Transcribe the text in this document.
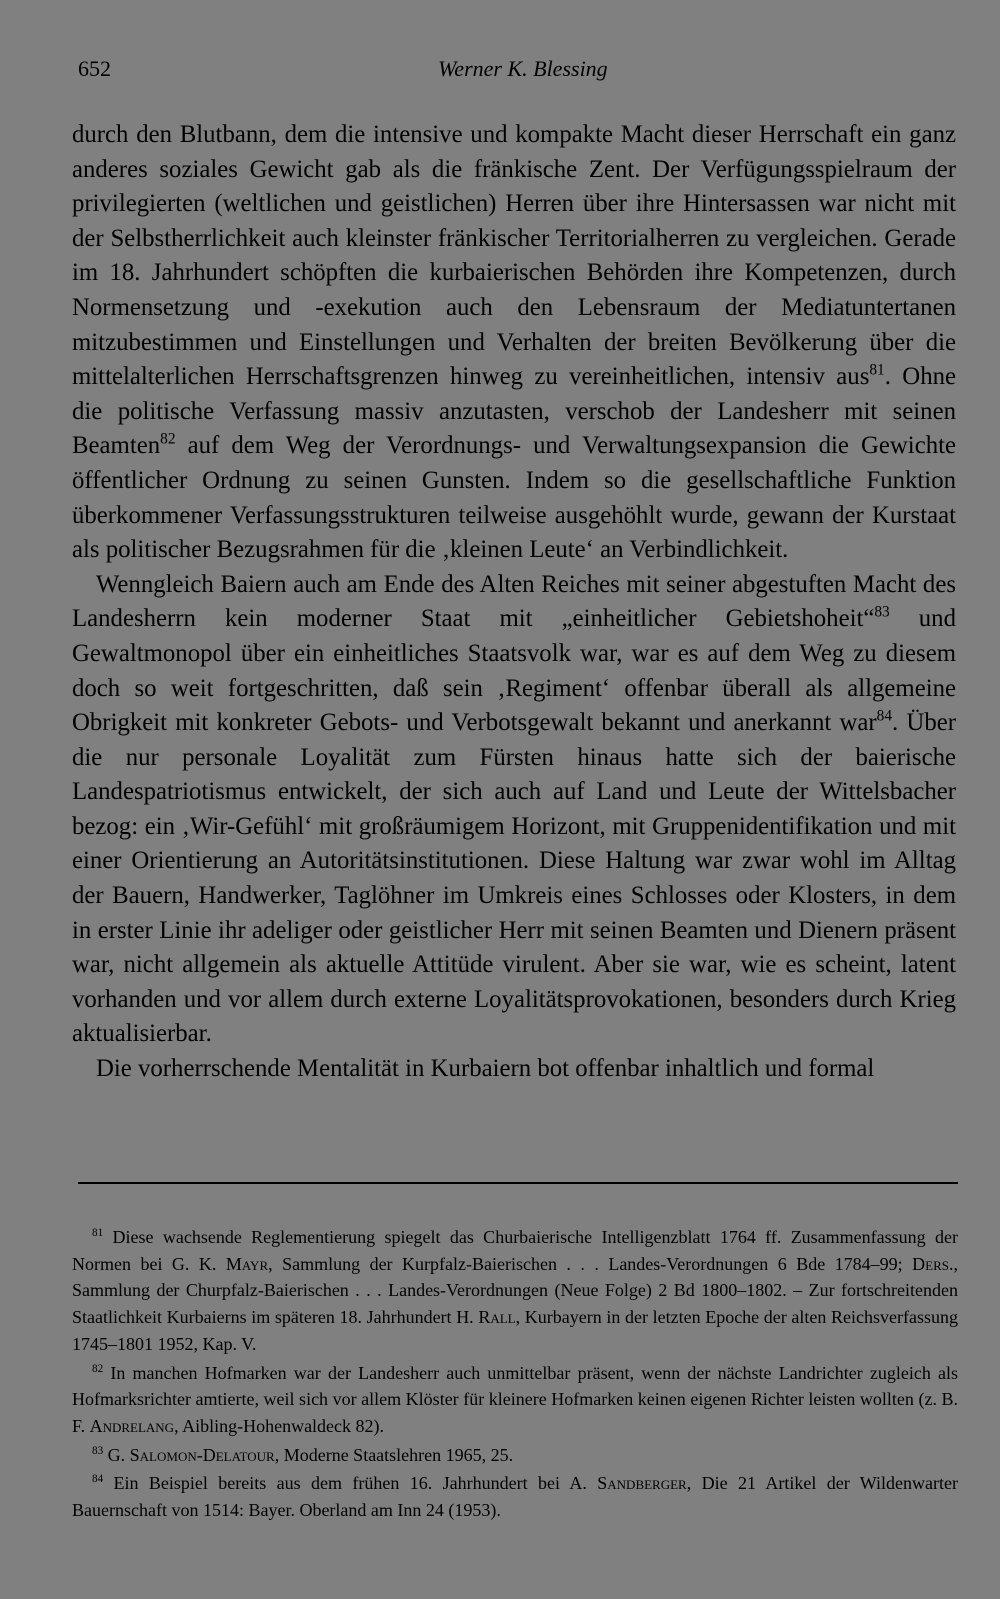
652	Werner K. Blessing

durch den Blutbann, dem die intensive und kompakte Macht dieser Herrschaft ein ganz anderes soziales Gewicht gab als die fränkische Zent. Der Verfügungsspielraum der privilegierten (weltlichen und geistlichen) Herren über ihre Hintersassen war nicht mit der Selbstherrlichkeit auch kleinster fränkischer Territorialherren zu vergleichen. Gerade im 18. Jahrhundert schöpften die kurbaierischen Behörden ihre Kompetenzen, durch Normensetzung und -exekution auch den Lebensraum der Mediatuntertanen mitzubestimmen und Einstellungen und Verhalten der breiten Bevölkerung über die mittelalterlichen Herrschaftsgrenzen hinweg zu vereinheitlichen, intensiv aus$^{81}$. Ohne die politische Verfassung massiv anzutasten, verschob der Landesherr mit seinen Beamten$^{82}$ auf dem Weg der Verordnungs- und Verwaltungsexpansion die Gewichte öffentlicher Ordnung zu seinen Gunsten. Indem so die gesellschaftliche Funktion überkommener Verfassungsstrukturen teilweise ausgehöhlt wurde, gewann der Kurstaat als politischer Bezugsrahmen für die ‚kleinen Leute‘ an Verbindlichkeit.

Wenngleich Baiern auch am Ende des Alten Reiches mit seiner abgestuften Macht des Landesherrn kein moderner Staat mit „einheitlicher Gebietshoheit“$^{83}$ und Gewaltmonopol über ein einheitliches Staatsvolk war, war es auf dem Weg zu diesem doch so weit fortgeschritten, daß sein ‚Regiment‘ offenbar überall als allgemeine Obrigkeit mit konkreter Gebots- und Verbotsgewalt bekannt und anerkannt war$^{84}$. Über die nur personale Loyalität zum Fürsten hinaus hatte sich der baierische Landespatriotismus entwickelt, der sich auch auf Land und Leute der Wittelsbacher bezog: ein ‚Wir-Gefühl‘ mit großräumigem Horizont, mit Gruppenidentifikation und mit einer Orientierung an Autoritätsinstitutionen. Diese Haltung war zwar wohl im Alltag der Bauern, Handwerker, Taglöhner im Umkreis eines Schlosses oder Klosters, in dem in erster Linie ihr adeliger oder geistlicher Herr mit seinen Beamten und Dienern präsent war, nicht allgemein als aktuelle Attitüde virulent. Aber sie war, wie es scheint, latent vorhanden und vor allem durch externe Loyalitätsprovokationen, besonders durch Krieg aktualisierbar.

Die vorherrschende Mentalität in Kurbaiern bot offenbar inhaltlich und formal

$^{81}$ Diese wachsende Reglementierung spiegelt das Churbaierische Intelligenzblatt 1764 ff. Zusammenfassung der Normen bei G. K. Mayr, Sammlung der Kurpfalz-Baierischen . . . Landes-Verordnungen 6 Bde 1784–99; Ders., Sammlung der Churpfalz-Baierischen . . . Landes-Verordnungen (Neue Folge) 2 Bd 1800–1802. – Zur fortschreitenden Staatlichkeit Kurbaierns im späteren 18. Jahrhundert H. Rall, Kurbayern in der letzten Epoche der alten Reichsverfassung 1745–1801 1952, Kap. V.

$^{82}$ In manchen Hofmarken war der Landesherr auch unmittelbar präsent, wenn der nächste Landrichter zugleich als Hofmarksrichter amtierte, weil sich vor allem Klöster für kleinere Hofmarken keinen eigenen Richter leisten wollten (z. B. F. Andrelang, Aibling-Hohenwaldeck 82).

$^{83}$ G. Salomon-Delatour, Moderne Staatslehren 1965, 25.

$^{84}$ Ein Beispiel bereits aus dem frühen 16. Jahrhundert bei A. Sandberger, Die 21 Artikel der Wildenwarter Bauernschaft von 1514: Bayer. Oberland am Inn 24 (1953).
